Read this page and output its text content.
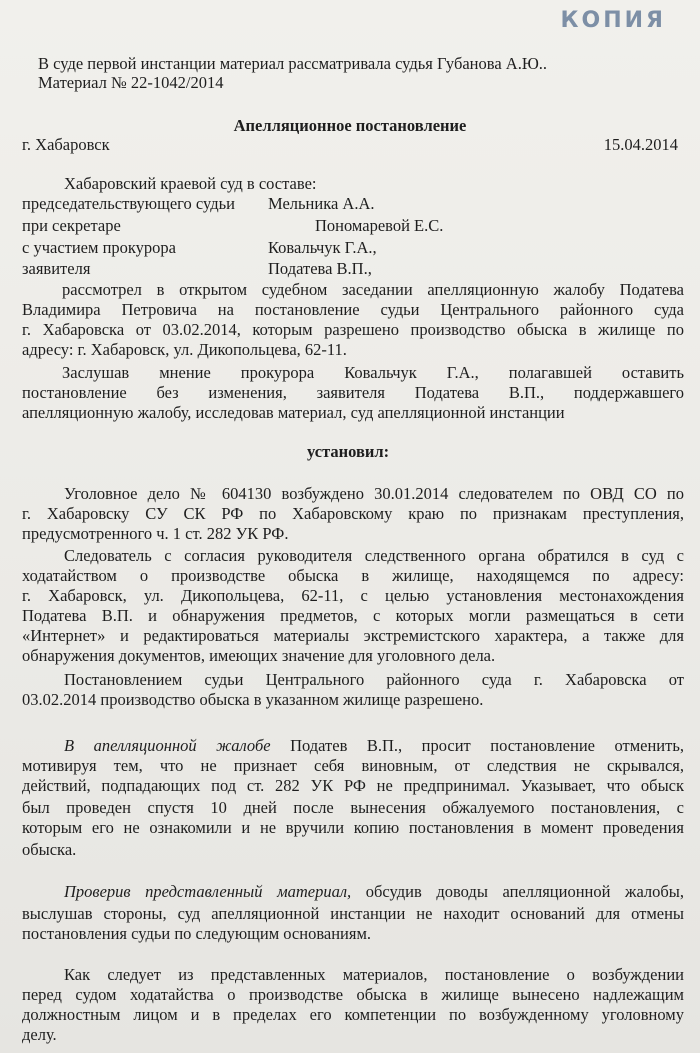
КОПИЯ
В суде первой инстанции материал рассматривала судья Губанова А.Ю..
Материал № 22-1042/2014
Апелляционное постановление
г. Хабаровск	15.04.2014
Хабаровский краевой суд в составе:
председательствующего судьи Мельника А.А.
при секретаре	Пономаревой Е.С.
с участием прокурора	Ковальчук Г.А.,
заявителя	Податева В.П.,
рассмотрел в открытом судебном заседании апелляционную жалобу Податева
Владимира Петровича на постановление судьи Центрального районного суда
г. Хабаровска от 03.02.2014, которым разрешено производство обыска в жилище по
адресу: г. Хабаровск, ул. Дикопольцева, 62-11.
Заслушав мнение прокурора Ковальчук Г.А., полагавшей оставить
постановление без изменения, заявителя Податева В.П., поддержавшего
апелляционную жалобу, исследовав материал, суд апелляционной инстанции
установил:
Уголовное дело № 604130 возбуждено 30.01.2014 следователем по ОВД СО по
г. Хабаровску СУ СК РФ по Хабаровскому краю по признакам преступления,
предусмотренного ч. 1 ст. 282 УК РФ.
Следователь с согласия руководителя следственного органа обратился в суд с
ходатайством о производстве обыска в жилище, находящемся по адресу:
г. Хабаровск, ул. Дикопольцева, 62-11, с целью установления местонахождения
Податева В.П. и обнаружения предметов, с которых могли размещаться в сети
«Интернет» и редактироваться материалы экстремистского характера, а также для
обнаружения документов, имеющих значение для уголовного дела.
Постановлением судьи Центрального районного суда г. Хабаровска от
03.02.2014 производство обыска в указанном жилище разрешено.
В апелляционной жалобе Податев В.П., просит постановление отменить,
мотивируя тем, что не признает себя виновным, от следствия не скрывался,
действий, подпадающих под ст. 282 УК РФ не предпринимал. Указывает, что обыск
был проведен спустя 10 дней после вынесения обжалуемого постановления, с
которым его не ознакомили и не вручили копию постановления в момент проведения
обыска.
Проверив представленный материал, обсудив доводы апелляционной жалобы,
выслушав стороны, суд апелляционной инстанции не находит оснований для отмены
постановления судьи по следующим основаниям.
Как следует из представленных материалов, постановление о возбуждении
перед судом ходатайства о производстве обыска в жилище вынесено надлежащим
должностным лицом и в пределах его компетенции по возбужденному уголовному
делу.
